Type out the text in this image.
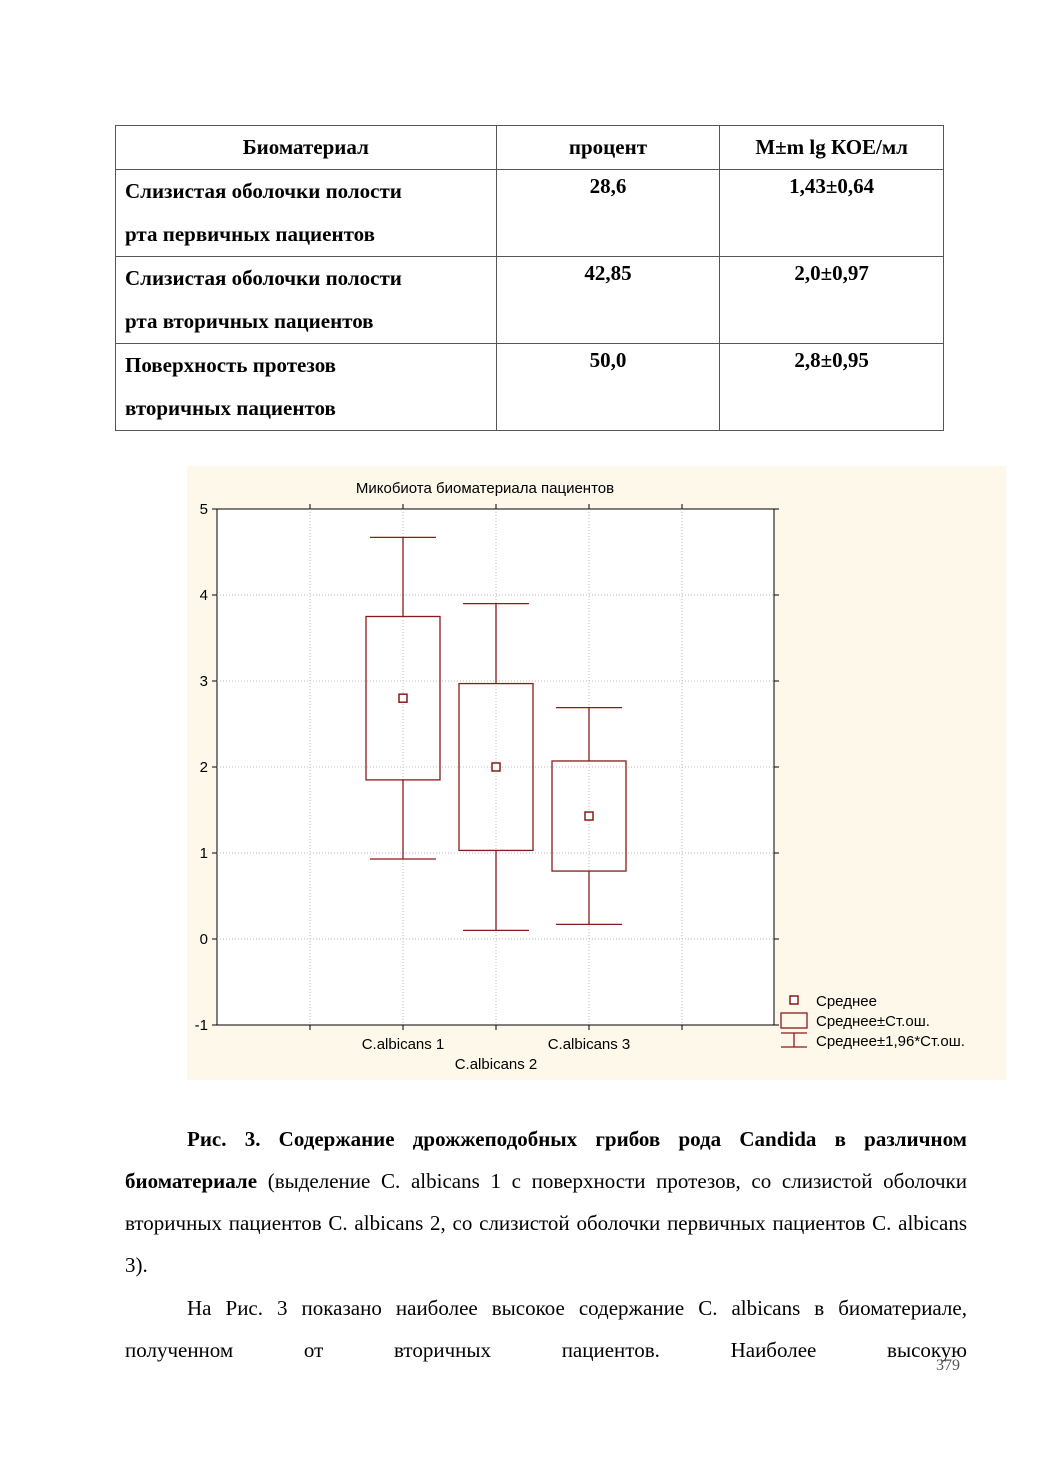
Биоматериал	процент	M±m lg КОЕ/мл
Слизистая оболочки полости
рта первичных пациентов	28,6	1,43±0,64
Слизистая оболочки полости
рта вторичных пациентов	42,85	2,0±0,97
Поверхность протезов
вторичных пациентов	50,0	2,8±0,95
-1
0
1
2
3
4
5
Микобиота биоматериала пациентов
C.albicans 1
C.albicans 2
C.albicans 3
Среднее
Среднее±Ст.ош.
Среднее±1,96*Ст.ош.

Рис. 3. Содержание дрожжеподобных грибов рода Candida в различном биоматериале (выделение C. albicans 1 с поверхности протезов, со слизистой оболочки вторичных пациентов C. albicans 2, со слизистой оболочки первичных пациентов C. albicans 3).

На Рис. 3 показано наиболее высокое содержание C. albicans в биоматериале, полученном от вторичных пациентов. Наиболее высокую

379
